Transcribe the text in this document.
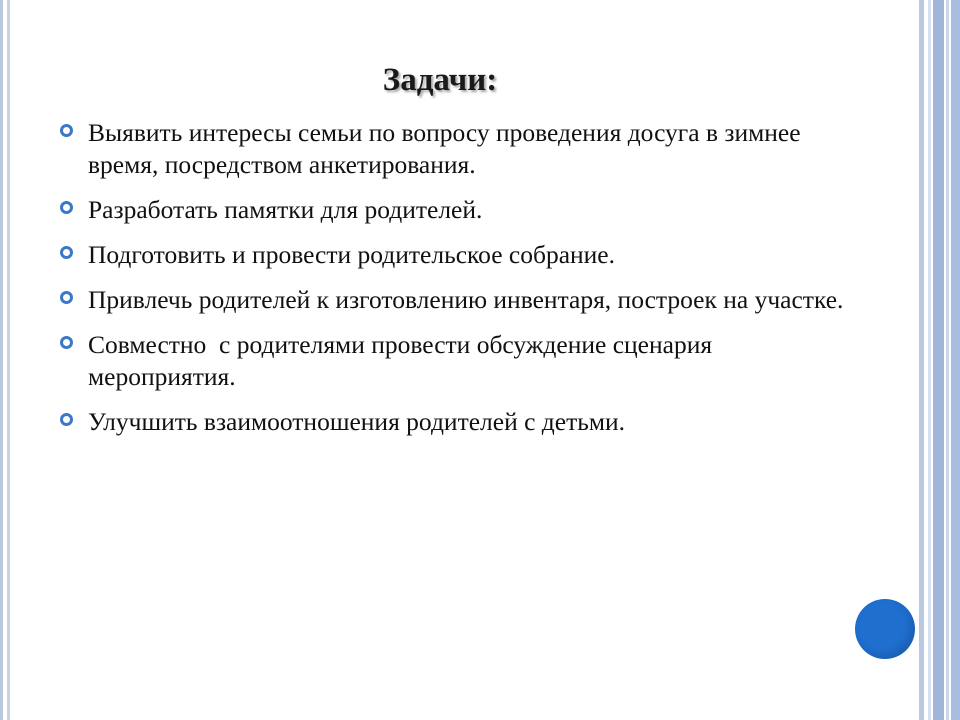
Задачи:
Выявить интересы семьи по вопросу проведения досуга в зимнее время, посредством анкетирования.
Разработать памятки для родителей.
Подготовить и провести родительское собрание.
Привлечь родителей к изготовлению инвентаря, построек на участке.
Совместно  с родителями провести обсуждение сценария мероприятия.
Улучшить взаимоотношения родителей с детьми.
